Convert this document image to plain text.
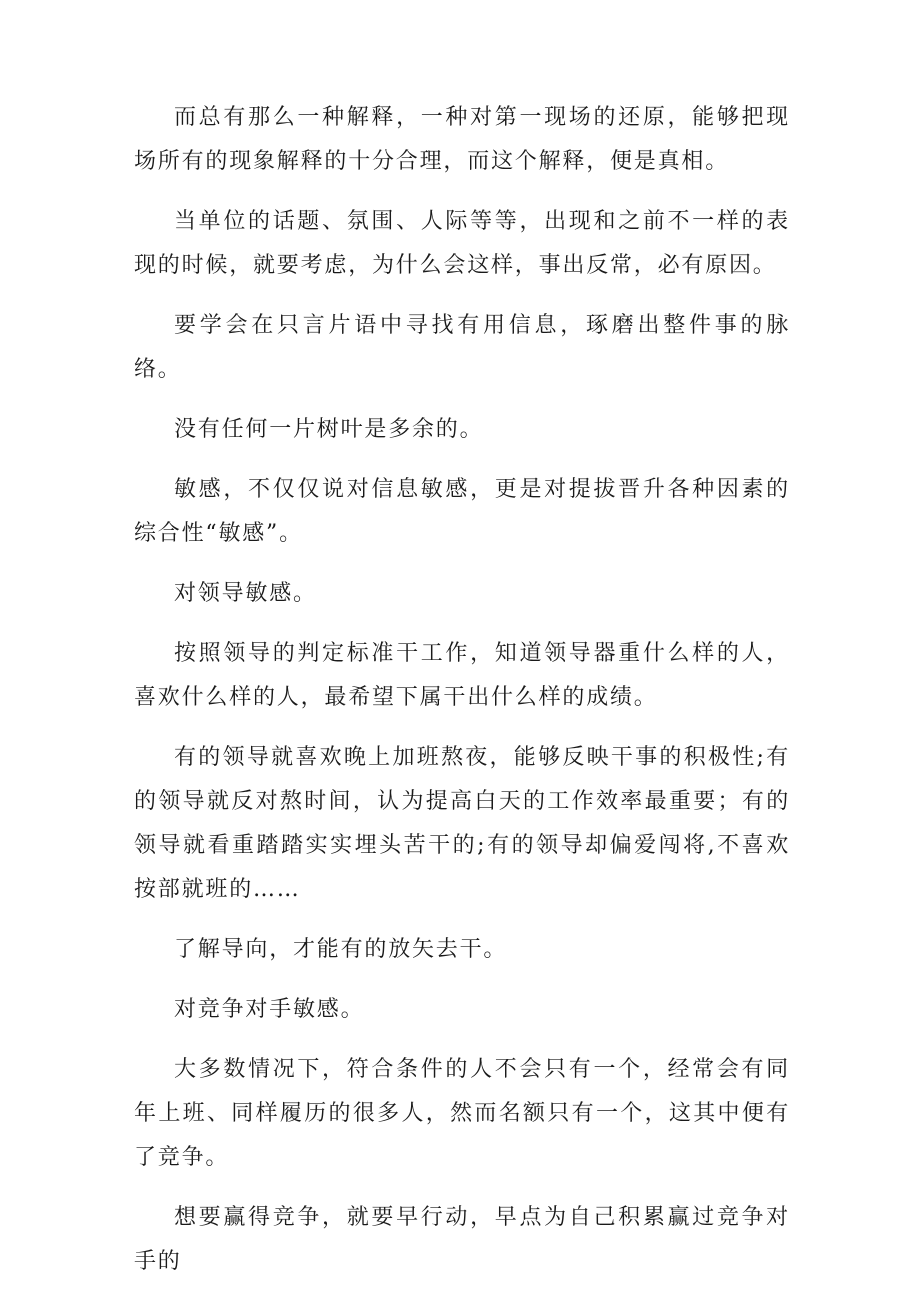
而总有那么一种解释，一种对第一现场的还原，能够把现场所有的现象解释的十分合理，而这个解释，便是真相。

当单位的话题、氛围、人际等等，出现和之前不一样的表现的时候，就要考虑，为什么会这样，事出反常，必有原因。

要学会在只言片语中寻找有用信息，琢磨出整件事的脉络。

没有任何一片树叶是多余的。

敏感，不仅仅说对信息敏感，更是对提拔晋升各种因素的综合性“敏感”。

对领导敏感。

按照领导的判定标准干工作，知道领导器重什么样的人，喜欢什么样的人，最希望下属干出什么样的成绩。

有的领导就喜欢晚上加班熬夜，能够反映干事的积极性;有的领导就反对熬时间，认为提高白天的工作效率最重要；有的领导就看重踏踏实实埋头苦干的;有的领导却偏爱闯将,不喜欢按部就班的……

了解导向，才能有的放矢去干。

对竞争对手敏感。

大多数情况下，符合条件的人不会只有一个，经常会有同年上班、同样履历的很多人，然而名额只有一个，这其中便有了竞争。

想要赢得竞争，就要早行动，早点为自己积累赢过竞争对手的
